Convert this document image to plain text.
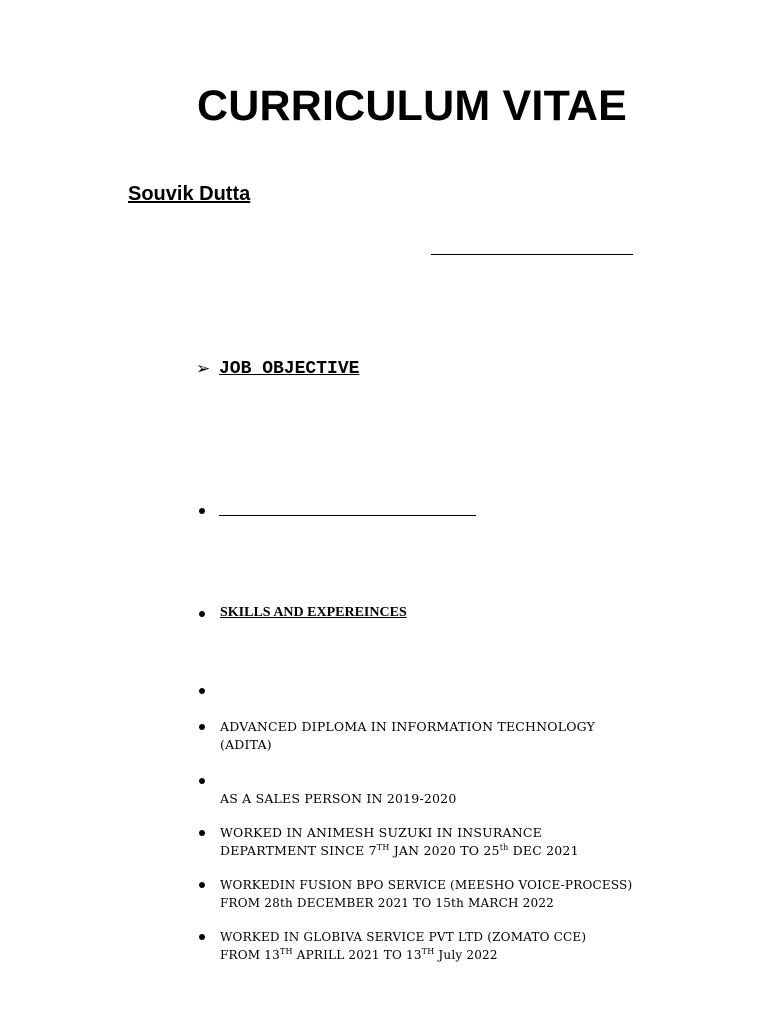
CURRICULUM VITAE
Souvik Dutta
➢ JOB OBJECTIVE
SKILLS AND EXPEREINCES
ADVANCED DIPLOMA IN INFORMATION TECHNOLOGY
(ADITA)
AS A SALES PERSON IN 2019-2020
WORKED IN ANIMESH SUZUKI IN INSURANCE
DEPARTMENT SINCE 7TH JAN 2020 TO 25th DEC 2021
WORKEDIN FUSION BPO SERVICE (MEESHO VOICE-PROCESS)
FROM 28th DECEMBER 2021 TO 15th MARCH 2022
WORKED IN GLOBIVA SERVICE PVT LTD (ZOMATO CCE)
FROM 13TH APRILL 2021 TO 13TH July 2022
